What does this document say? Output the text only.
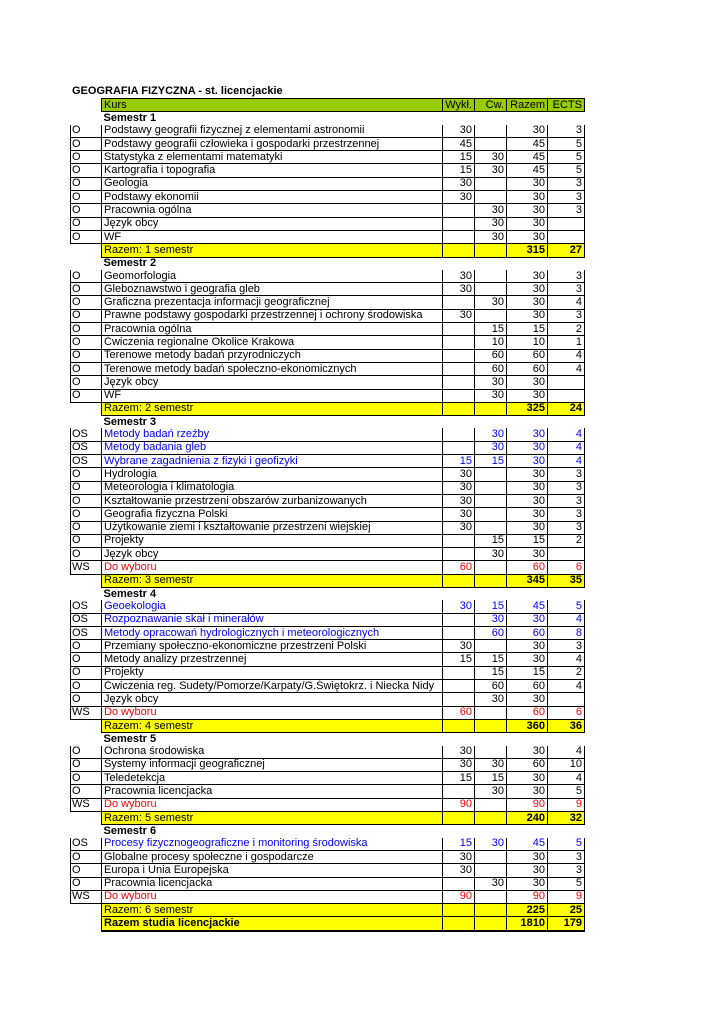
GEOGRAFIA FIZYCZNA - st. licencjackie
	Kurs	Wykł.	Ćw.	Razem	ECTS
	Semestr 1				
O	Podstawy geografii fizycznej z elementami astronomii	30		30	3
O	Podstawy geografii człowieka i gospodarki przestrzennej	45		45	5
O	Statystyka z elementami matematyki	15	30	45	5
O	Kartografia i topografia	15	30	45	5
O	Geologia	30		30	3
O	Podstawy ekonomii	30		30	3
O	Pracownia ogólna		30	30	3
O	Język obcy		30	30	
O	WF		30	30	
	Razem: 1 semestr			315	27
	Semestr 2				
O	Geomorfologia	30		30	3
O	Gleboznawstwo i geografia gleb	30		30	3
O	Graficzna prezentacja informacji geograficznej		30	30	4
O	Prawne podstawy gospodarki przestrzennej i ochrony środowiska	30		30	3
O	Pracownia ogólna		15	15	2
O	Ćwiczenia regionalne Okolice Krakowa		10	10	1
O	Terenowe metody badań przyrodniczych		60	60	4
O	Terenowe metody badań społeczno-ekonomicznych		60	60	4
O	Język obcy		30	30	
O	WF		30	30	
	Razem: 2 semestr			325	24
	Semestr 3				
OS	Metody badań rzeźby		30	30	4
OS	Metody badania gleb		30	30	4
OS	Wybrane zagadnienia z fizyki i geofizyki	15	15	30	4
O	Hydrologia	30		30	3
O	Meteorologia i klimatologia	30		30	3
O	Kształtowanie przestrzeni obszarów zurbanizowanych	30		30	3
O	Geografia fizyczna Polski	30		30	3
O	Użytkowanie ziemi i kształtowanie przestrzeni wiejskiej	30		30	3
O	Projekty		15	15	2
O	Język obcy		30	30	
WS	Do wyboru	60		60	6
	Razem: 3 semestr			345	35
	Semestr 4				
OS	Geoekologia	30	15	45	5
OS	Rozpoznawanie skał i minerałów		30	30	4
OS	Metody opracowań hydrologicznych i meteorologicznych		60	60	8
O	Przemiany społeczno-ekonomiczne przestrzeni Polski	30		30	3
O	Metody analizy przestrzennej	15	15	30	4
O	Projekty		15	15	2
O	Ćwiczenia reg. Sudety/Pomorze/Karpaty/G.Świętokrz. i Niecka Nidy		60	60	4
O	Język obcy		30	30	
WS	Do wyboru	60		60	6
	Razem: 4 semestr			360	36
	Semestr 5				
O	Ochrona środowiska	30		30	4
O	Systemy informacji geograficznej	30	30	60	10
O	Teledetekcja	15	15	30	4
O	Pracownia licencjacka		30	30	5
WS	Do wyboru	90		90	9
	Razem: 5 semestr			240	32
	Semestr 6				
OS	Procesy fizycznogeograficzne i monitoring środowiska	15	30	45	5
O	Globalne procesy społeczne i gospodarcze	30		30	3
O	Europa i Unia Europejska	30		30	3
O	Pracownia licencjacka		30	30	5
WS	Do wyboru	90		90	9
	Razem: 6 semestr			225	25
	Razem studia licencjackie			1810	179
